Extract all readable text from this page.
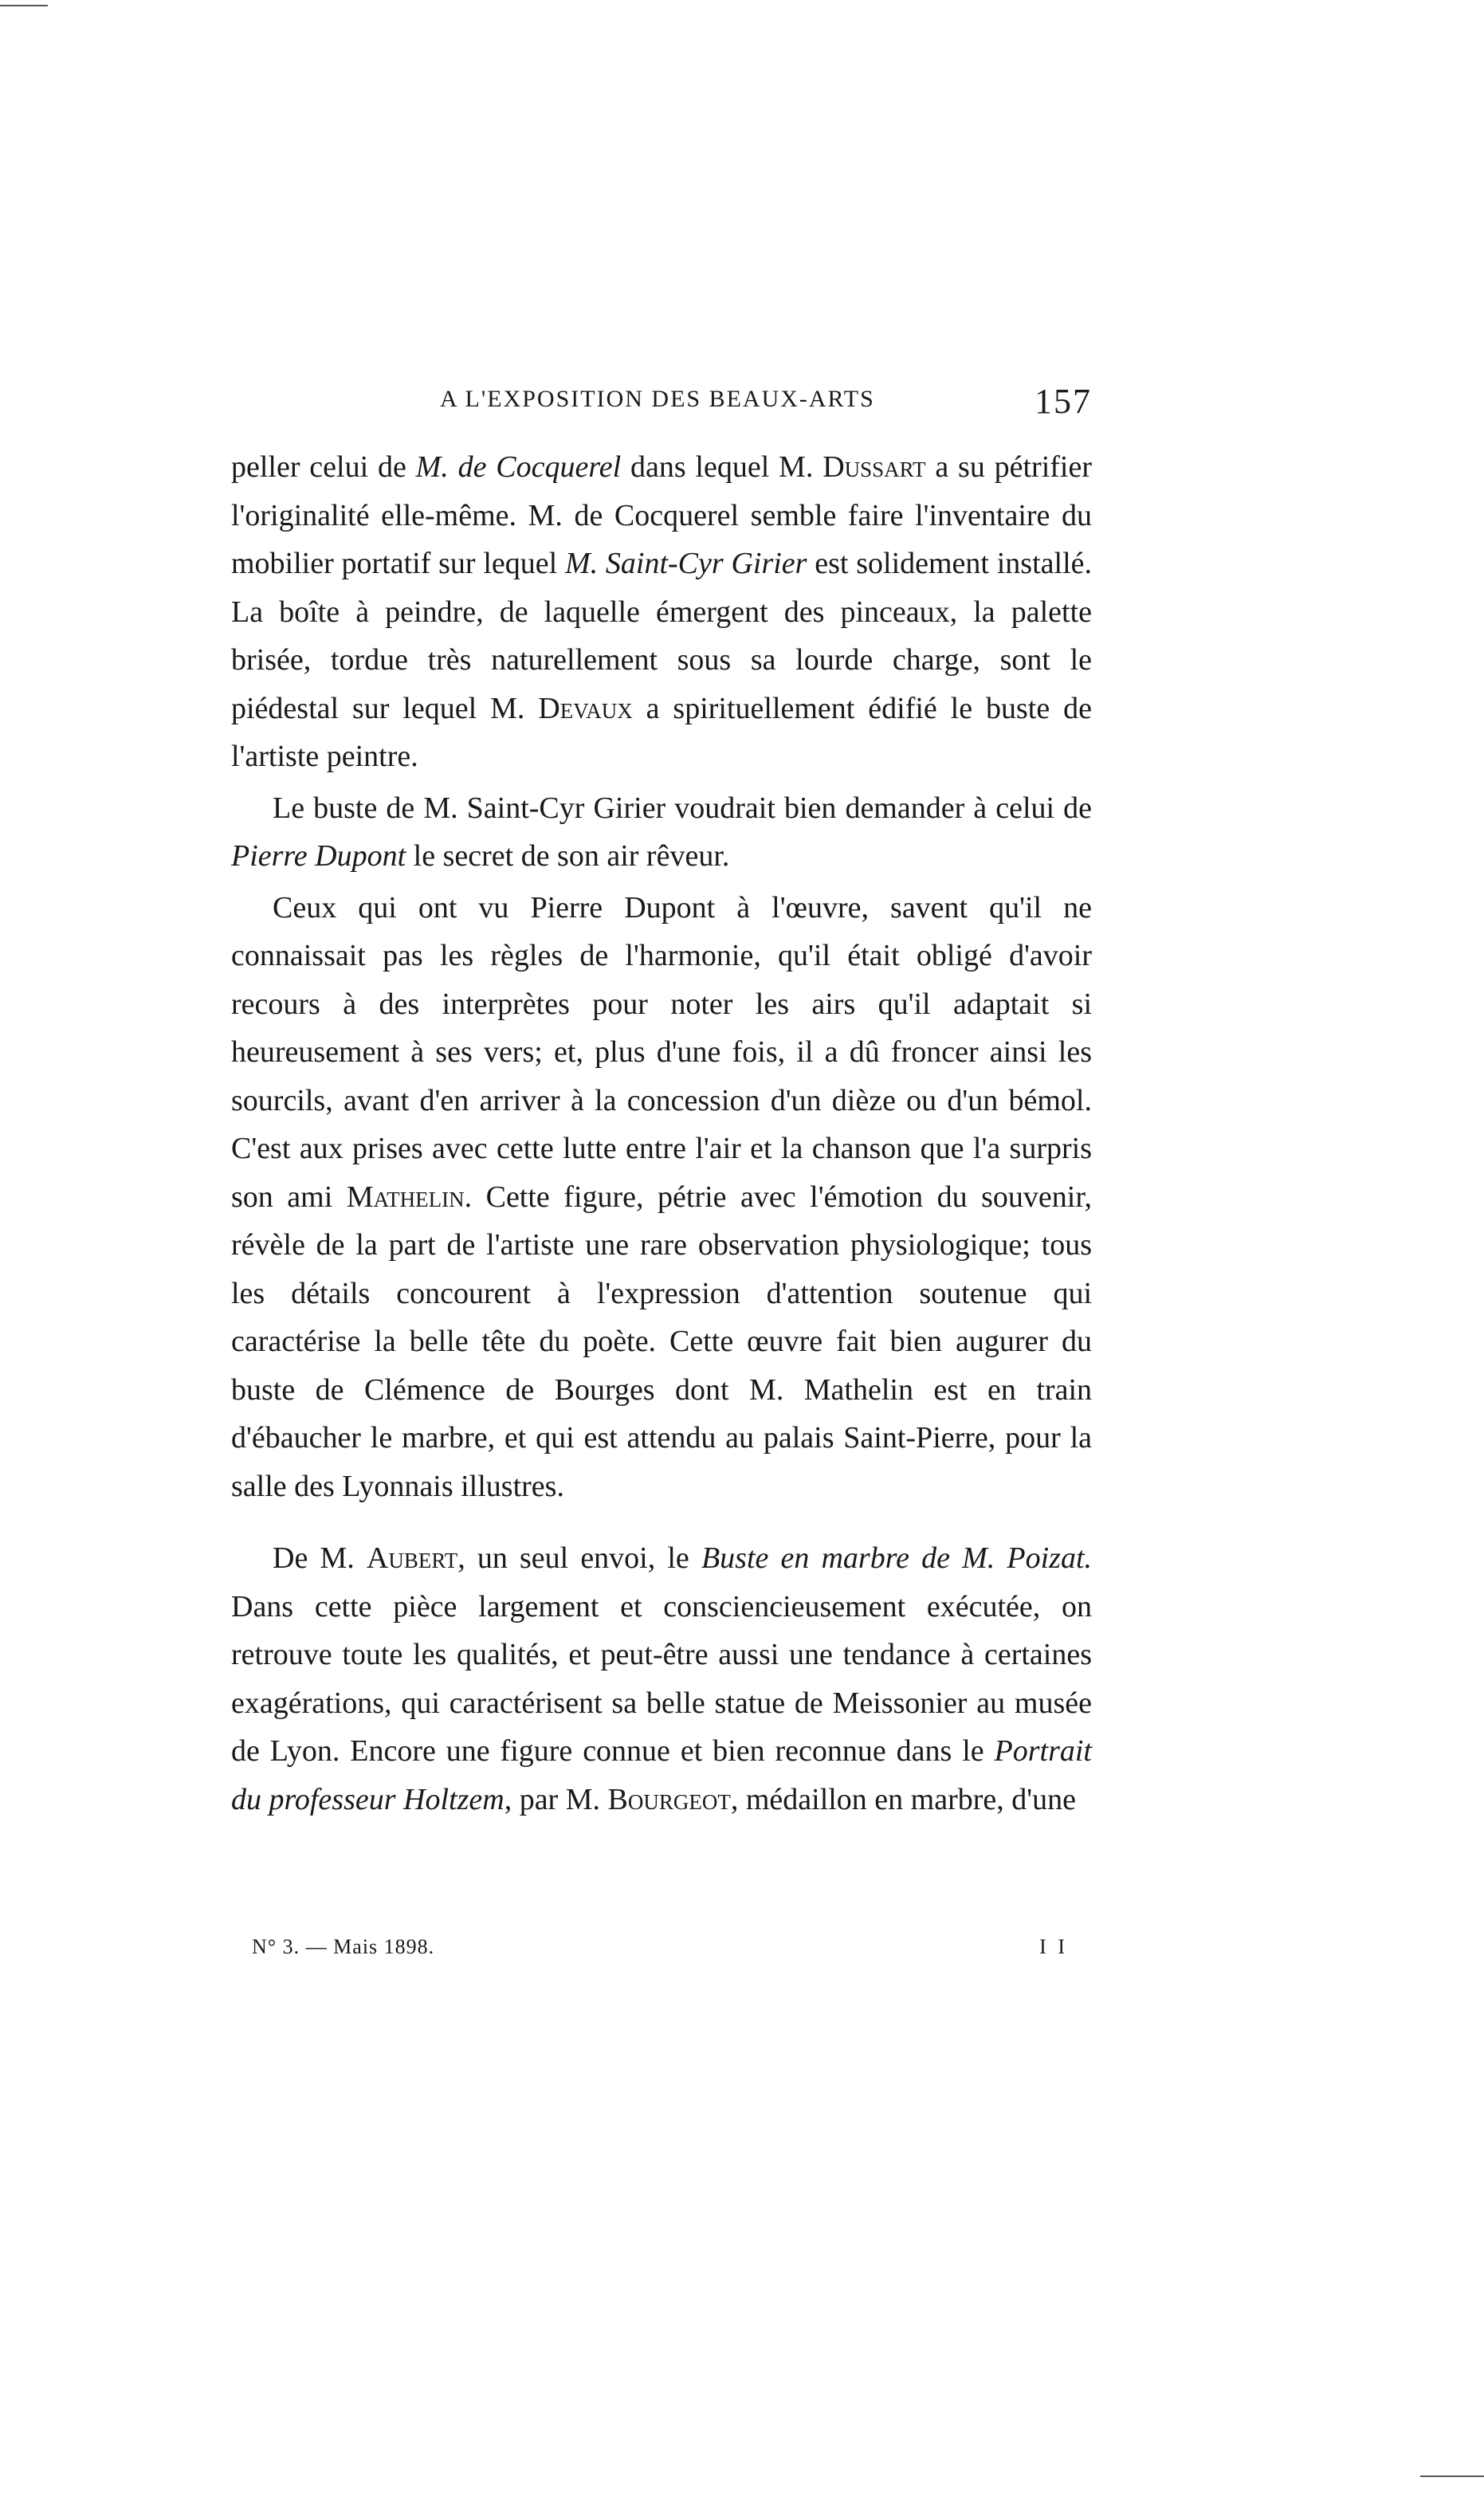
A L'EXPOSITION DES BEAUX-ARTS	157

peller celui de M. de Cocquerel dans lequel M. Dussart a su pétrifier l'originalité elle-même. M. de Cocquerel semble faire l'inventaire du mobilier portatif sur lequel M. Saint-Cyr Girier est solidement installé. La boîte à peindre, de laquelle émergent des pinceaux, la palette brisée, tordue très naturellement sous sa lourde charge, sont le piédestal sur lequel M. Devaux a spirituellement édifié le buste de l'artiste peintre.

Le buste de M. Saint-Cyr Girier voudrait bien demander à celui de Pierre Dupont le secret de son air rêveur.

Ceux qui ont vu Pierre Dupont à l'œuvre, savent qu'il ne connaissait pas les règles de l'harmonie, qu'il était obligé d'avoir recours à des interprètes pour noter les airs qu'il adaptait si heureusement à ses vers; et, plus d'une fois, il a dû froncer ainsi les sourcils, avant d'en arriver à la concession d'un dièze ou d'un bémol. C'est aux prises avec cette lutte entre l'air et la chanson que l'a surpris son ami Mathelin. Cette figure, pétrie avec l'émotion du souvenir, révèle de la part de l'artiste une rare observation physiologique; tous les détails concourent à l'expression d'attention soutenue qui caractérise la belle tête du poète. Cette œuvre fait bien augurer du buste de Clémence de Bourges dont M. Mathelin est en train d'ébaucher le marbre, et qui est attendu au palais Saint-Pierre, pour la salle des Lyonnais illustres.

De M. Aubert, un seul envoi, le Buste en marbre de M. Poizat. Dans cette pièce largement et consciencieusement exécutée, on retrouve toute les qualités, et peut-être aussi une tendance à certaines exagérations, qui caractérisent sa belle statue de Meissonier au musée de Lyon. Encore une figure connue et bien reconnue dans le Portrait du professeur Holtzem, par M. Bourgeot, médaillon en marbre, d'une

N° 3. — Mais 1898.	I I
